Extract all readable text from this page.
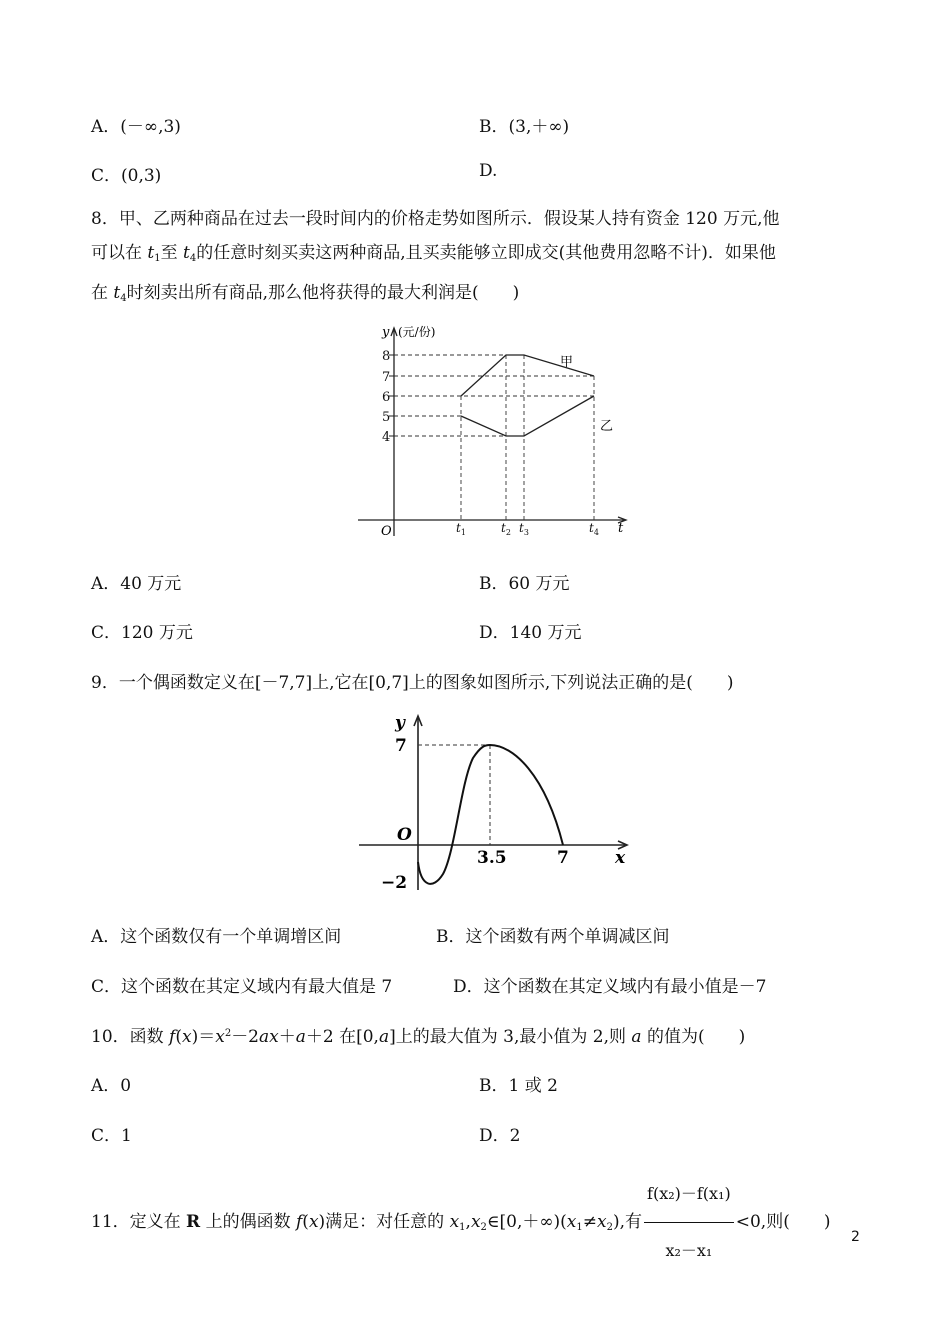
A．(－∞,3)	B．(3,＋∞)
C．(0,3)	D.

8．甲、乙两种商品在过去一段时间内的价格走势如图所示．假设某人持有资金 120 万元,他

可以在 $t_1$至 $t_4$的任意时刻买卖这两种商品,且买卖能够立即成交(其他费用忽略不计)．如果他

在 $t_4$时刻卖出所有商品,那么他将获得的最大利润是(　　)

8
7
6
5
4
$t_1$	$t_2$ $t_3$	$t_4$
y (元/份)
O	t
甲
乙
A．40 万元	B．60 万元
C．120 万元	D．140 万元
9．一个偶函数定义在[－7,7]上,它在[0,7]上的图象如图所示,下列说法正确的是(　　)
y
7
O
3.5	7	x
−2
A．这个函数仅有一个单调增区间	B．这个函数有两个单调减区间
C．这个函数在其定义域内有最大值是 7	D．这个函数在其定义域内有最小值是－7
10．函数 $f(x)=x^2-2ax+a+2$ 在[0,a]上的最大值为 3,最小值为 2,则 a 的值为(　　)
A．0	B．1 或 2
C．1	D．2
11．定义在 R 上的偶函数 f(x)满足：对任意的 $x_1,x_2\in[0,+\infty)(x_1\ne x_2)$,有 $\frac{\text{f(x₂)－f(x₁)}}{\text{x₂－x₁}} <0$,则(　　)
2
